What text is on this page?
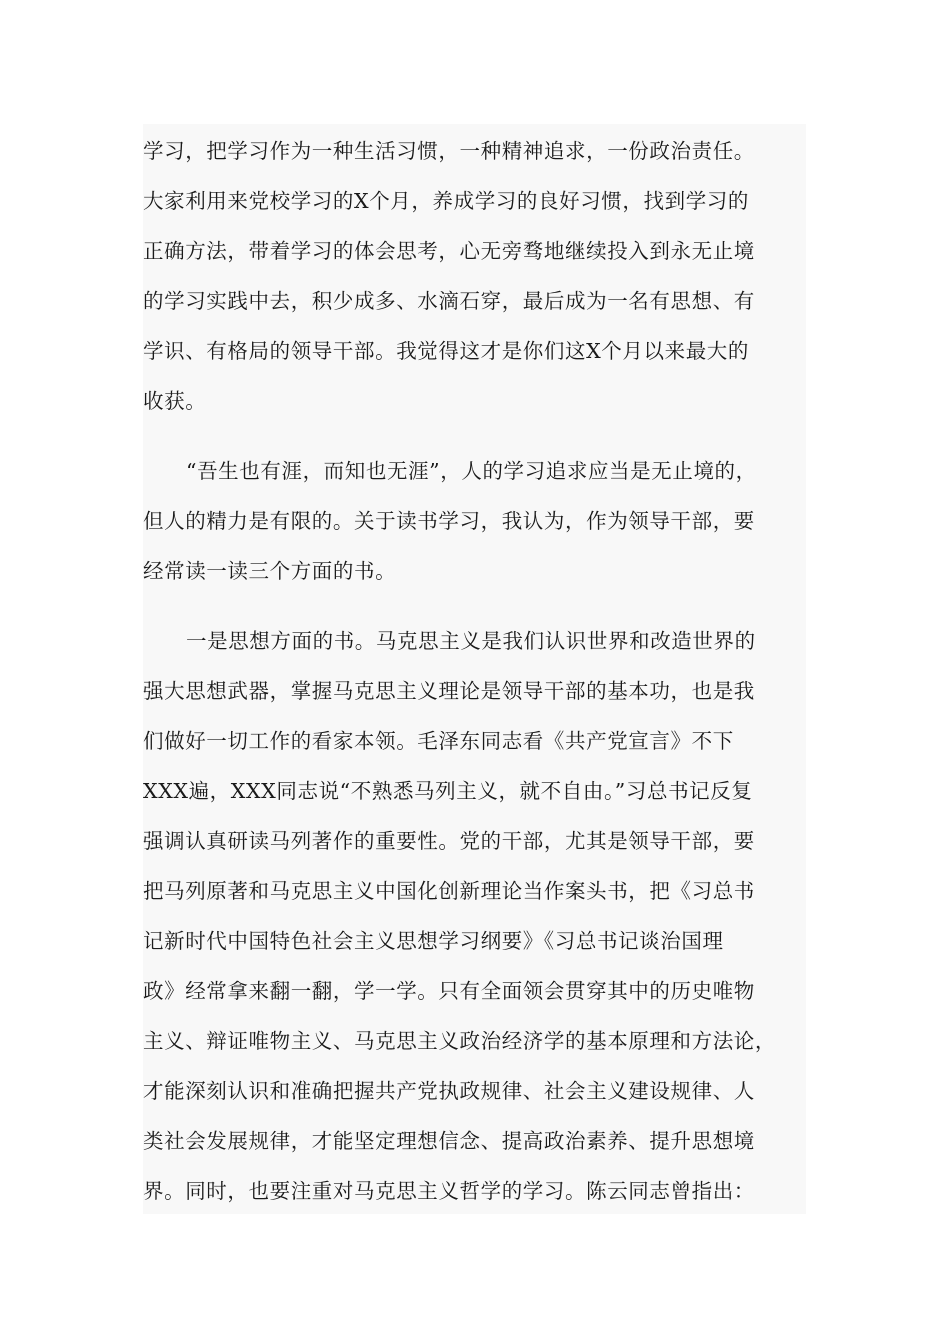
学习，把学习作为一种生活习惯，一种精神追求，一份政治责任。
大家利用来党校学习的X个月，养成学习的良好习惯，找到学习的
正确方法，带着学习的体会思考，心无旁骛地继续投入到永无止境
的学习实践中去，积少成多、水滴石穿，最后成为一名有思想、有
学识、有格局的领导干部。我觉得这才是你们这X个月以来最大的
收获。
“吾生也有涯，而知也无涯”，人的学习追求应当是无止境的，
但人的精力是有限的。关于读书学习，我认为，作为领导干部，要
经常读一读三个方面的书。
一是思想方面的书。马克思主义是我们认识世界和改造世界的
强大思想武器，掌握马克思主义理论是领导干部的基本功，也是我
们做好一切工作的看家本领。毛泽东同志看《共产党宣言》不下
XXX遍，XXX同志说“不熟悉马列主义，就不自由。”习总书记反复
强调认真研读马列著作的重要性。党的干部，尤其是领导干部，要
把马列原著和马克思主义中国化创新理论当作案头书，把《习总书
记新时代中国特色社会主义思想学习纲要》《习总书记谈治国理
政》经常拿来翻一翻，学一学。只有全面领会贯穿其中的历史唯物
主义、辩证唯物主义、马克思主义政治经济学的基本原理和方法论，
才能深刻认识和准确把握共产党执政规律、社会主义建设规律、人
类社会发展规律，才能坚定理想信念、提高政治素养、提升思想境
界。同时，也要注重对马克思主义哲学的学习。陈云同志曾指出：
